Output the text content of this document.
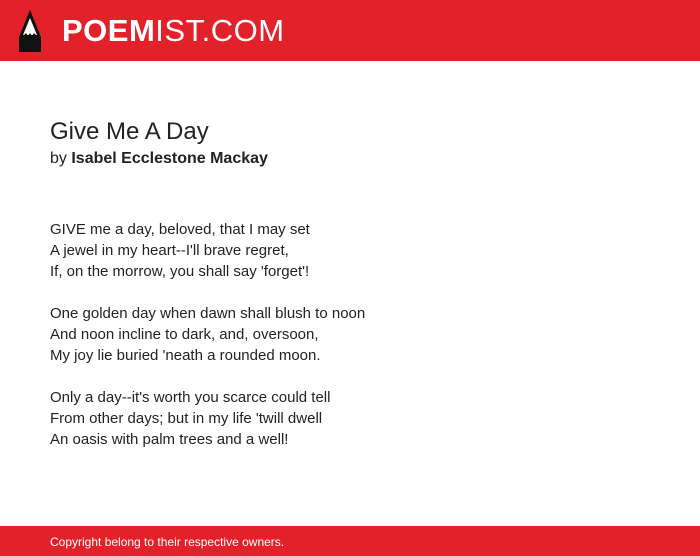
POEMIST.COM
Give Me A Day
by Isabel Ecclestone Mackay
GIVE me a day, beloved, that I may set
A jewel in my heart--I'll brave regret,
If, on the morrow, you shall say 'forget'!
One golden day when dawn shall blush to noon
And noon incline to dark, and, oversoon,
My joy lie buried 'neath a rounded moon.
Only a day--it's worth you scarce could tell
From other days; but in my life 'twill dwell
An oasis with palm trees and a well!
Copyright belong to their respective owners.
